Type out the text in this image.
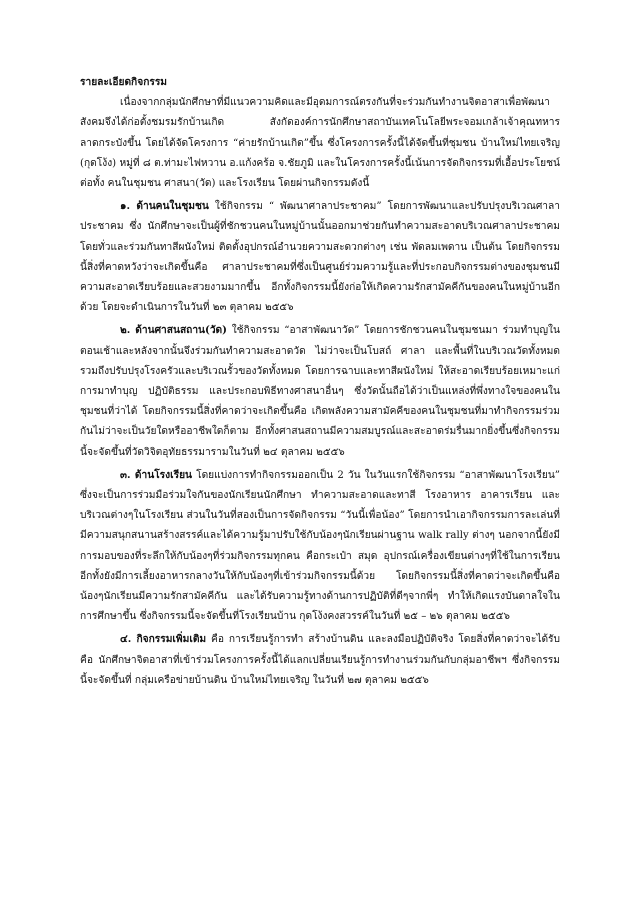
รายละเอียดกิจกรรม

เนื่องจากกลุ่มนักศึกษาที่มีแนวความคิดและมีอุดมการณ์ตรงกันที่จะร่วมกันทำงานจิตอาสาเพื่อพัฒนาสังคมจึงได้ก่อตั้งชมรมรักบ้านเกิด สังกัดองค์การนักศึกษาสถาบันเทคโนโลยีพระจอมเกล้าเจ้าคุณทหารลาดกระบังขึ้น โดยได้จัดโครงการ “ค่ายรักบ้านเกิด”ขึ้น ซึ่งโครงการครั้งนี้ได้จัดขึ้นที่ชุมชน บ้านใหม่ไทยเจริญ (กุดโง้ง) หมู่ที่ ๘ ต.ท่ามะไฟหวาน อ.แก้งคร้อ จ.ชัยภูมิ และในโครงการครั้งนี้เน้นการจัดกิจกรรมที่เอื้อประโยชน์ต่อทั้ง คนในชุมชน ศาสนา(วัด) และโรงเรียน โดยผ่านกิจกรรมดังนี้

๑. ด้านคนในชุมชน ใช้กิจกรรม “ พัฒนาศาลาประชาคม” โดยการพัฒนาและปรับปรุงบริเวณศาลาประชาคม ซึ่ง นักศึกษาจะเป็นผู้ที่ชักชวนคนในหมู่บ้านนั้นออกมาช่วยกันทำความสะอาดบริเวณศาลาประชาคมโดยทั่วและร่วมกันทาสีผนังใหม่ ติดตั้งอุปกรณ์อำนวยความสะดวกต่างๆ เช่น พัดลมเพดาน เป็นต้น โดยกิจกรรมนี้สิ่งที่คาดหวังว่าจะเกิดขึ้นคือ ศาลาประชาคมที่ซึ่งเป็นศูนย์ร่วมความรู้และที่ประกอบกิจกรรมต่างของชุมชนมีความสะอาดเรียบร้อยและสวยงามมากขึ้น อีกทั้งกิจกรรมนี้ยังก่อให้เกิดความรักสามัคคีกันของคนในหมู่บ้านอีกด้วย โดยจะดำเนินการในวันที่ ๒๓ ตุลาคม ๒๕๕๖

๒. ด้านศาสนสถาน(วัด) ใช้กิจกรรม “อาสาพัฒนาวัด” โดยการชักชวนคนในชุมชนมา ร่วมทำบุญในตอนเช้าและหลังจากนั้นจึงร่วมกันทำความสะอาดวัด ไม่ว่าจะเป็นโบสถ์ ศาลา และพื้นที่ในบริเวณวัดทั้งหมด รวมถึงปรับปรุงโรงครัวและบริเวณรั้วของวัดทั้งหมด โดยการฉาบและทาสีผนังใหม่ ให้สะอาดเรียบร้อยเหมาะแก่การมาทำบุญ ปฏิบัติธรรม และประกอบพิธีทางศาสนาอื่นๆ ซึ่งวัดนั้นถือได้ว่าเป็นแหล่งที่พึ่งทางใจของคนในชุมชนที่ว่าได้ โดยกิจกรรมนี้สิ่งที่คาดว่าจะเกิดขึ้นคือ เกิดพลังความสามัคคีของคนในชุมชนที่มาทำกิจกรรมร่วมกันไม่ว่าจะเป็นวัยใดหรืออาชีพใดก็ตาม อีกทั้งศาสนสถานมีความสมบูรณ์และสะอาดร่มรื่นมากยิ่งขึ้นซึ่งกิจกรรมนี้จะจัดขึ้นที่วัดวิจิตอุทัยธรรมารามในวันที่ ๒๔ ตุลาคม ๒๕๕๖

๓. ด้านโรงเรียน โดยแบ่งการทำกิจกรรมออกเป็น 2 วัน ในวันแรกใช้กิจกรรม “อาสาพัฒนาโรงเรียน” ซึ่งจะเป็นการร่วมมือร่วมใจกันของนักเรียนนักศึกษา ทำความสะอาดและทาสี โรงอาหาร อาคารเรียน และบริเวณต่างๆในโรงเรียน ส่วนในวันที่สองเป็นการจัดกิจกรรม “วันนี้เพื่อน้อง” โดยการนำเอากิจกรรมการละเล่นที่มีความสนุกสนานสร้างสรรค์และได้ความรู้มาปรับใช้กับน้องๆนักเรียนผ่านฐาน walk rally ต่างๆ นอกจากนี้ยังมีการมอบของที่ระลึกให้กับน้องๆที่ร่วมกิจกรรมทุกคน คือกระเป๋า สมุด อุปกรณ์เครื่องเขียนต่างๆที่ใช้ในการเรียน อีกทั้งยังมีการเลี้ยงอาหารกลางวันให้กับน้องๆที่เข้าร่วมกิจกรรมนี้ด้วย โดยกิจกรรมนี้สิ่งที่คาดว่าจะเกิดขึ้นคือ น้องๆนักเรียนมีความรักสามัคคีกัน และได้รับความรู้ทางด้านการปฏิบัติที่ดีๆจากพี่ๆ ทำให้เกิดแรงบันดาลใจในการศึกษาขึ้น ซึ่งกิจกรรมนี้จะจัดขึ้นที่โรงเรียนบ้าน กุดโง้งคงสวรรค์ในวันที่ ๒๕ – ๒๖ ตุลาคม ๒๕๕๖

๔. กิจกรรมเพิ่มเติม คือ การเรียนรู้การทำ สร้างบ้านดิน และลงมือปฏิบัติจริง โดยสิ่งที่คาดว่าจะได้รับคือ นักศึกษาจิตอาสาที่เข้าร่วมโครงการครั้งนี้ได้แลกเปลี่ยนเรียนรู้การทำงานร่วมกันกับกลุ่มอาชีพฯ ซึ่งกิจกรรมนี้จะจัดขึ้นที่ กลุ่มเครือข่ายบ้านดิน บ้านใหม่ไทยเจริญ ในวันที่ ๒๗ ตุลาคม ๒๕๕๖
